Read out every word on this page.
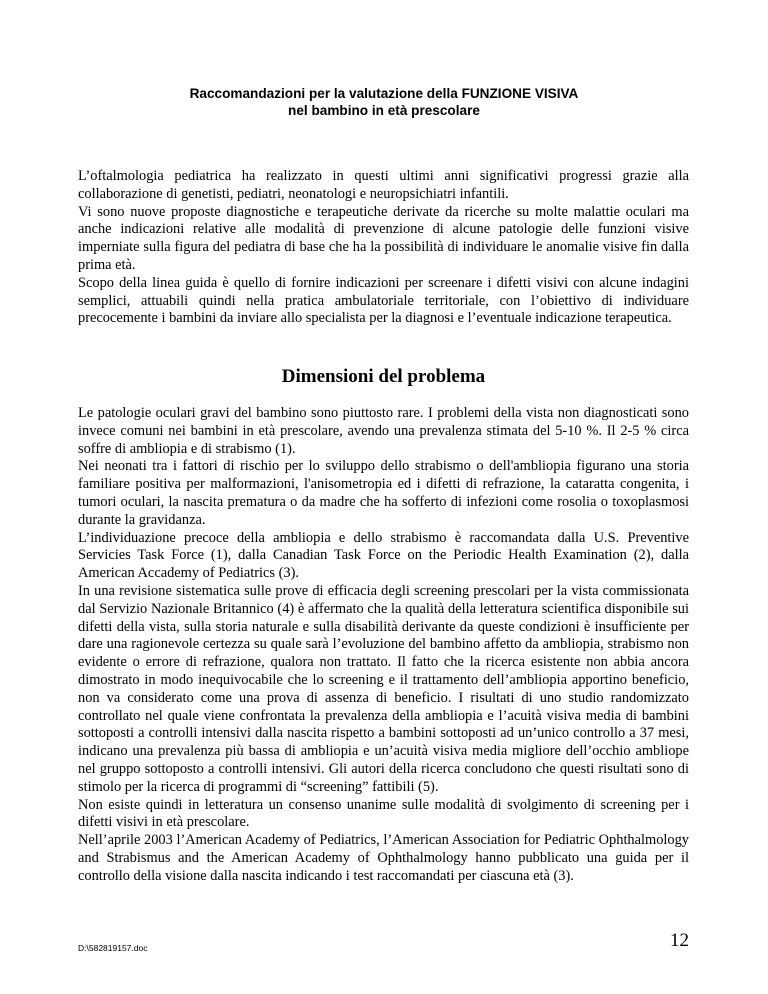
Raccomandazioni per la valutazione della FUNZIONE VISIVA
nel bambino in età prescolare

L’oftalmologia pediatrica ha realizzato in questi ultimi anni significativi progressi grazie alla collaborazione di genetisti, pediatri, neonatologi e neuropsichiatri infantili.

Vi sono nuove proposte diagnostiche e terapeutiche derivate da ricerche su molte malattie oculari ma anche indicazioni relative alle modalità di prevenzione di alcune patologie delle funzioni visive imperniate sulla figura del pediatra di base che ha la possibilità di individuare le anomalie visive fin dalla prima età.

Scopo della linea guida è quello di fornire indicazioni per screenare i difetti visivi con alcune indagini semplici, attuabili quindi nella pratica ambulatoriale territoriale, con l’obiettivo di individuare precocemente i bambini da inviare allo specialista per la diagnosi e l’eventuale indicazione terapeutica.

Dimensioni del problema

Le patologie oculari gravi del bambino sono piuttosto rare. I problemi della vista non diagnosticati sono invece comuni nei bambini in età prescolare, avendo una prevalenza stimata del 5-10 %. Il 2-5 % circa soffre di ambliopia e di strabismo (1).

Nei neonati tra i fattori di rischio per lo sviluppo dello strabismo o dell'ambliopia figurano una storia familiare positiva per malformazioni, l'anisometropia ed i difetti di refrazione, la cataratta congenita, i tumori oculari, la nascita prematura o da madre che ha sofferto di infezioni come rosolia o toxoplasmosi durante la gravidanza.

L’individuazione precoce della ambliopia e dello strabismo è raccomandata dalla U.S. Preventive Servicies Task Force (1), dalla Canadian Task Force on the Periodic Health Examination (2), dalla American Accademy of Pediatrics (3).

In una revisione sistematica sulle prove di efficacia degli screening prescolari per la vista commissionata dal Servizio Nazionale Britannico (4) è affermato che la qualità della letteratura scientifica disponibile sui difetti della vista, sulla storia naturale e sulla disabilità derivante da queste condizioni è insufficiente per dare una ragionevole certezza su quale sarà l’evoluzione del bambino affetto da ambliopia, strabismo non evidente o errore di refrazione, qualora non trattato. Il fatto che la ricerca esistente non abbia ancora dimostrato in modo inequivocabile che lo screening e il trattamento dell’ambliopia apportino beneficio, non va considerato come una prova di assenza di beneficio. I risultati di uno studio randomizzato controllato nel quale viene confrontata la prevalenza della ambliopia e l’acuità visiva media di bambini sottoposti a controlli intensivi dalla nascita rispetto a bambini sottoposti ad un’unico controllo a 37 mesi, indicano una prevalenza più bassa di ambliopia e un’acuità visiva media migliore dell’occhio ambliope nel gruppo sottoposto a controlli intensivi. Gli autori della ricerca concludono che questi risultati sono di stimolo per la ricerca di programmi di “screening” fattibili (5).

Non esiste quindi in letteratura un consenso unanime sulle modalità di svolgimento di screening per i difetti visivi in età prescolare.

Nell’aprile 2003 l’American Academy of Pediatrics, l’American Association for Pediatric Ophthalmology and Strabismus and the American Academy of Ophthalmology hanno pubblicato una guida per il controllo della visione dalla nascita indicando i test raccomandati per ciascuna età (3).

D:\582819157.doc	12
